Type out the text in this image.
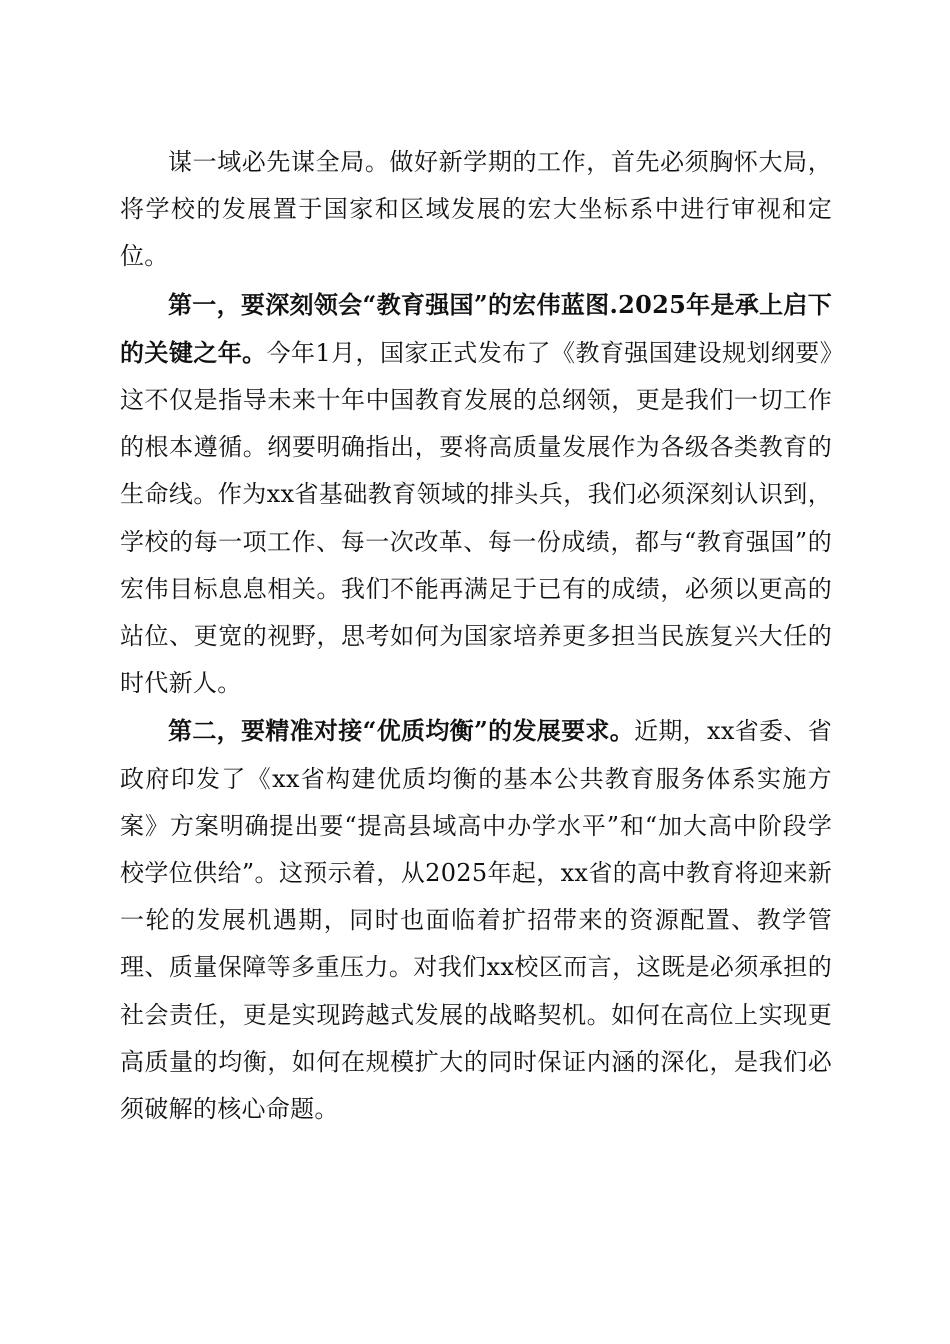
谋一域必先谋全局。做好新学期的工作，首先必须胸怀大局，将学校的发展置于国家和区域发展的宏大坐标系中进行审视和定位。

第一，要深刻领会“教育强国”的宏伟蓝图.2025年是承上启下的关键之年。今年1月，国家正式发布了《教育强国建设规划纲要》这不仅是指导未来十年中国教育发展的总纲领，更是我们一切工作的根本遵循。纲要明确指出，要将高质量发展作为各级各类教育的生命线。作为xx省基础教育领域的排头兵，我们必须深刻认识到，学校的每一项工作、每一次改革、每一份成绩，都与“教育强国”的宏伟目标息息相关。我们不能再满足于已有的成绩，必须以更高的站位、更宽的视野，思考如何为国家培养更多担当民族复兴大任的时代新人。

第二，要精准对接“优质均衡”的发展要求。近期，xx省委、省政府印发了《xx省构建优质均衡的基本公共教育服务体系实施方案》方案明确提出要“提高县域高中办学水平”和“加大高中阶段学校学位供给”。这预示着，从2025年起，xx省的高中教育将迎来新一轮的发展机遇期，同时也面临着扩招带来的资源配置、教学管理、质量保障等多重压力。对我们xx校区而言，这既是必须承担的社会责任，更是实现跨越式发展的战略契机。如何在高位上实现更高质量的均衡，如何在规模扩大的同时保证内涵的深化，是我们必须破解的核心命题。
